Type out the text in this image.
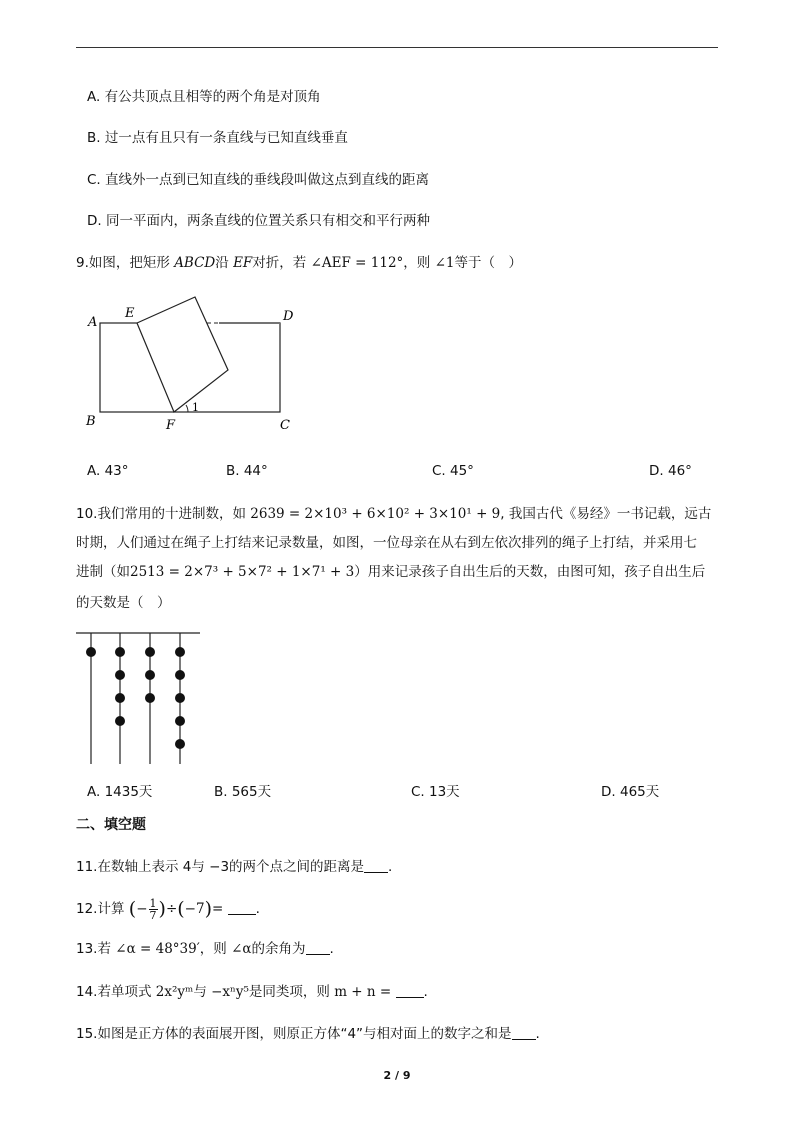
A. 有公共顶点且相等的两个角是对顶角
B. 过一点有且只有一条直线与已知直线垂直
C. 直线外一点到已知直线的垂线段叫做这点到直线的距离
D. 同一平面内，两条直线的位置关系只有相交和平行两种
9.如图，把矩形 ABCD沿 EF对折，若 ∠AEF = 112°，则 ∠1等于（　）
A
E	D
B	F	C
1
A. 43°	B. 44°	C. 45°	D. 46°
10.我们常用的十进制数，如 2639 = 2×10³ + 6×10² + 3×10¹ + 9, 我国古代《易经》一书记载，远古
时期，人们通过在绳子上打结来记录数量，如图，一位母亲在从右到左依次排列的绳子上打结，并采用七
进制（如2513 = 2×7³ + 5×7² + 1×7¹ + 3）用来记录孩子自出生后的天数，由图可知，孩子自出生后
的天数是（　）
A. 1435天	B. 565天	C. 13天	D. 465天
二、填空题
11.在数轴上表示 4与 −3的两个点之间的距离是 .
12.计算 (− $\frac{1}{7} )\div(-7)=$ .
13.若 ∠α = 48°39′，则 ∠α的余角为 .
14.若单项式 2x²yᵐ与 −xⁿy⁵是同类项，则 m + n = .
15.如图是正方体的表面展开图，则原正方体“4”与相对面上的数字之和是 .
2 / 9
